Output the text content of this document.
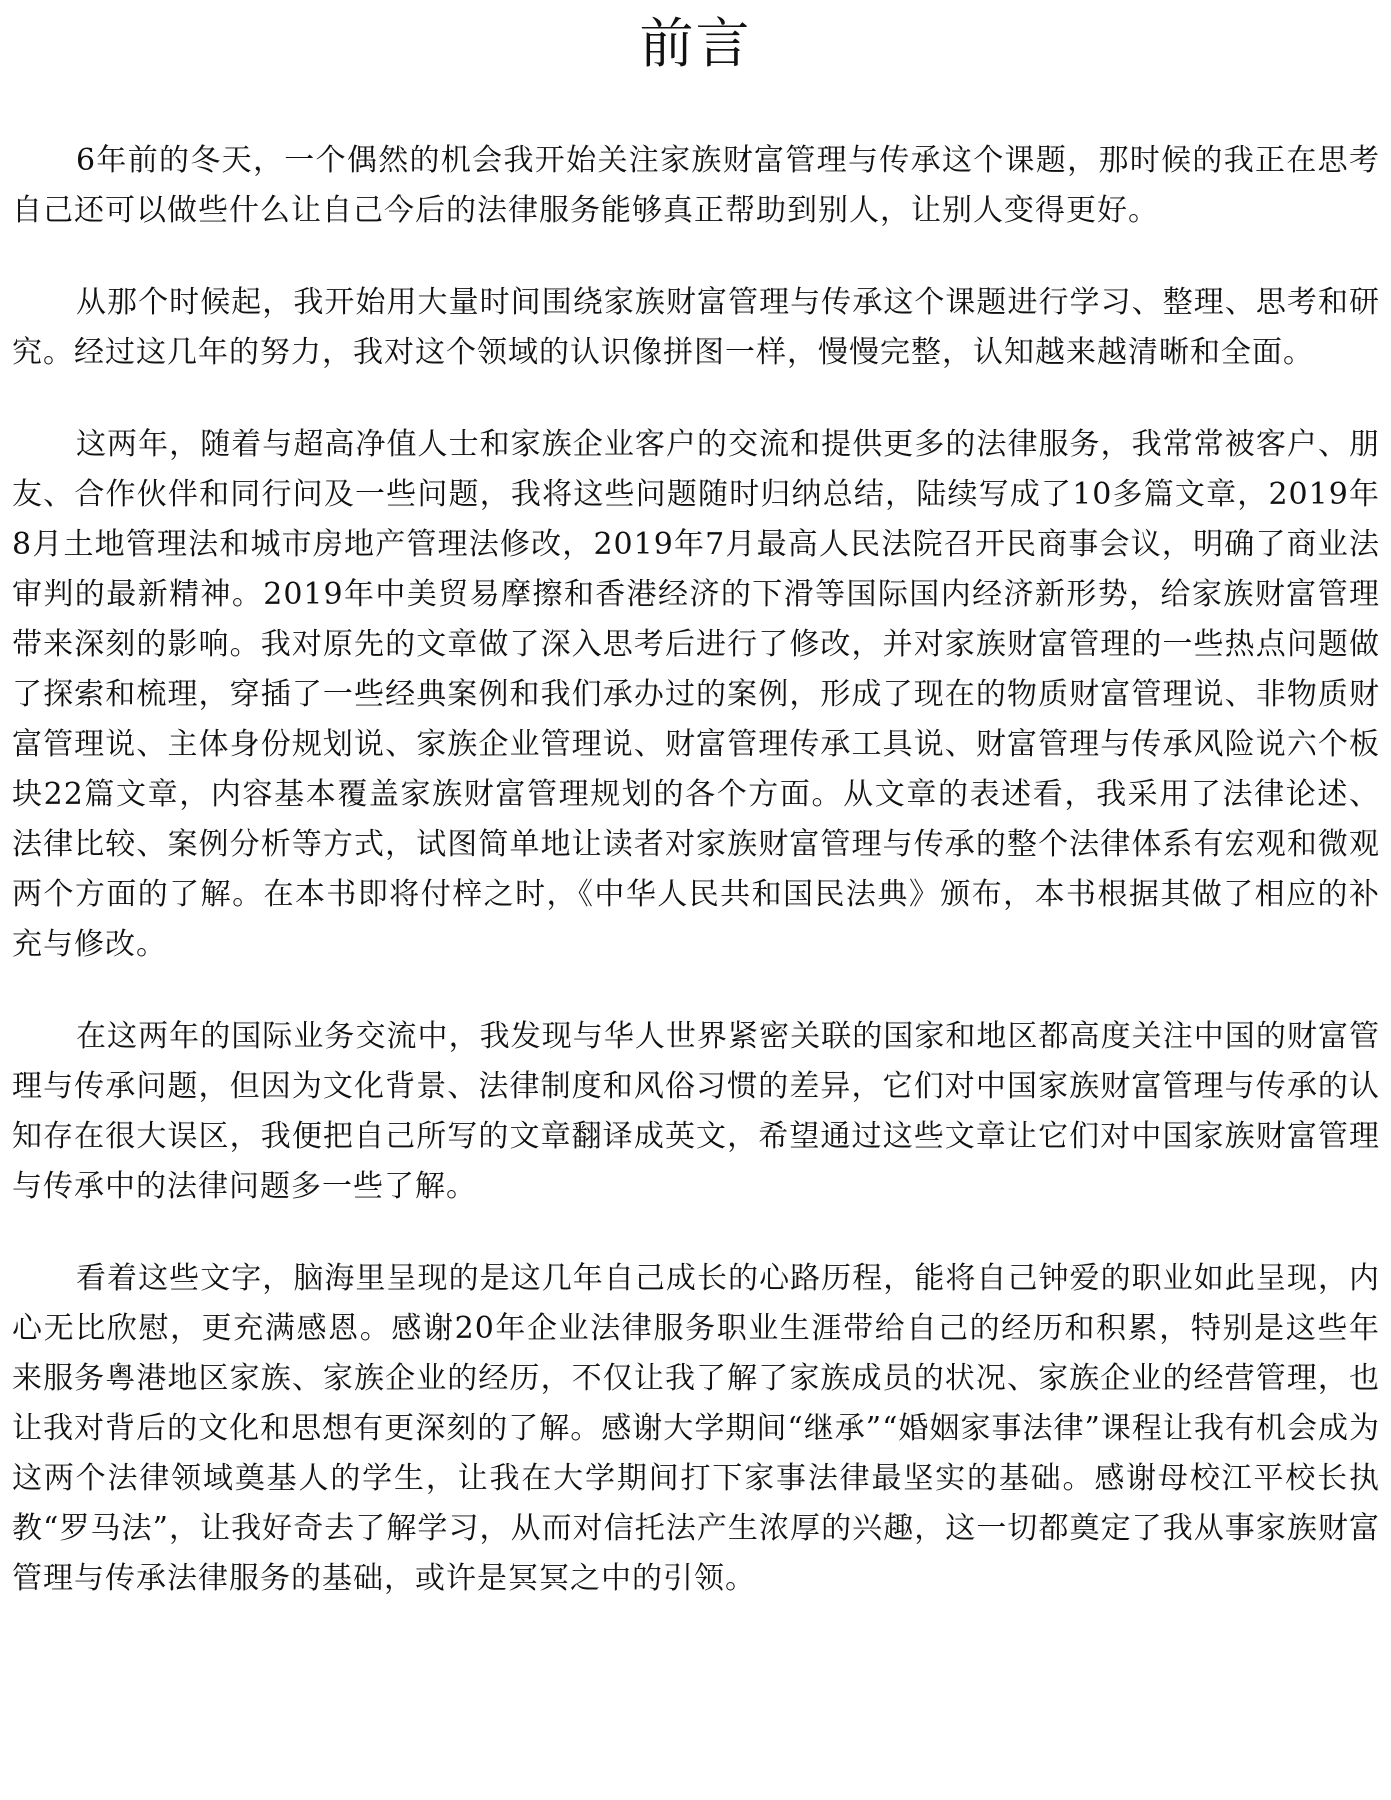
前言

6年前的冬天，一个偶然的机会我开始关注家族财富管理与传承这个课题，那时候的我正在思考自己还可以做些什么让自己今后的法律服务能够真正帮助到别人，让别人变得更好。

从那个时候起，我开始用大量时间围绕家族财富管理与传承这个课题进行学习、整理、思考和研究。经过这几年的努力，我对这个领域的认识像拼图一样，慢慢完整，认知越来越清晰和全面。

这两年，随着与超高净值人士和家族企业客户的交流和提供更多的法律服务，我常常被客户、朋友、合作伙伴和同行问及一些问题，我将这些问题随时归纳总结，陆续写成了10多篇文章，2019年8月土地管理法和城市房地产管理法修改，2019年7月最高人民法院召开民商事会议，明确了商业法审判的最新精神。2019年中美贸易摩擦和香港经济的下滑等国际国内经济新形势，给家族财富管理带来深刻的影响。我对原先的文章做了深入思考后进行了修改，并对家族财富管理的一些热点问题做了探索和梳理，穿插了一些经典案例和我们承办过的案例，形成了现在的物质财富管理说、非物质财富管理说、主体身份规划说、家族企业管理说、财富管理传承工具说、财富管理与传承风险说六个板块22篇文章，内容基本覆盖家族财富管理规划的各个方面。从文章的表述看，我采用了法律论述、法律比较、案例分析等方式，试图简单地让读者对家族财富管理与传承的整个法律体系有宏观和微观两个方面的了解。在本书即将付梓之时，《中华人民共和国民法典》颁布，本书根据其做了相应的补充与修改。

在这两年的国际业务交流中，我发现与华人世界紧密关联的国家和地区都高度关注中国的财富管理与传承问题，但因为文化背景、法律制度和风俗习惯的差异，它们对中国家族财富管理与传承的认知存在很大误区，我便把自己所写的文章翻译成英文，希望通过这些文章让它们对中国家族财富管理与传承中的法律问题多一些了解。

看着这些文字，脑海里呈现的是这几年自己成长的心路历程，能将自己钟爱的职业如此呈现，内心无比欣慰，更充满感恩。感谢20年企业法律服务职业生涯带给自己的经历和积累，特别是这些年来服务粤港地区家族、家族企业的经历，不仅让我了解了家族成员的状况、家族企业的经营管理，也让我对背后的文化和思想有更深刻的了解。感谢大学期间“继承”“婚姻家事法律”课程让我有机会成为这两个法律领域奠基人的学生，让我在大学期间打下家事法律最坚实的基础。感谢母校江平校长执教“罗马法”，让我好奇去了解学习，从而对信托法产生浓厚的兴趣，这一切都奠定了我从事家族财富管理与传承法律服务的基础，或许是冥冥之中的引领。
